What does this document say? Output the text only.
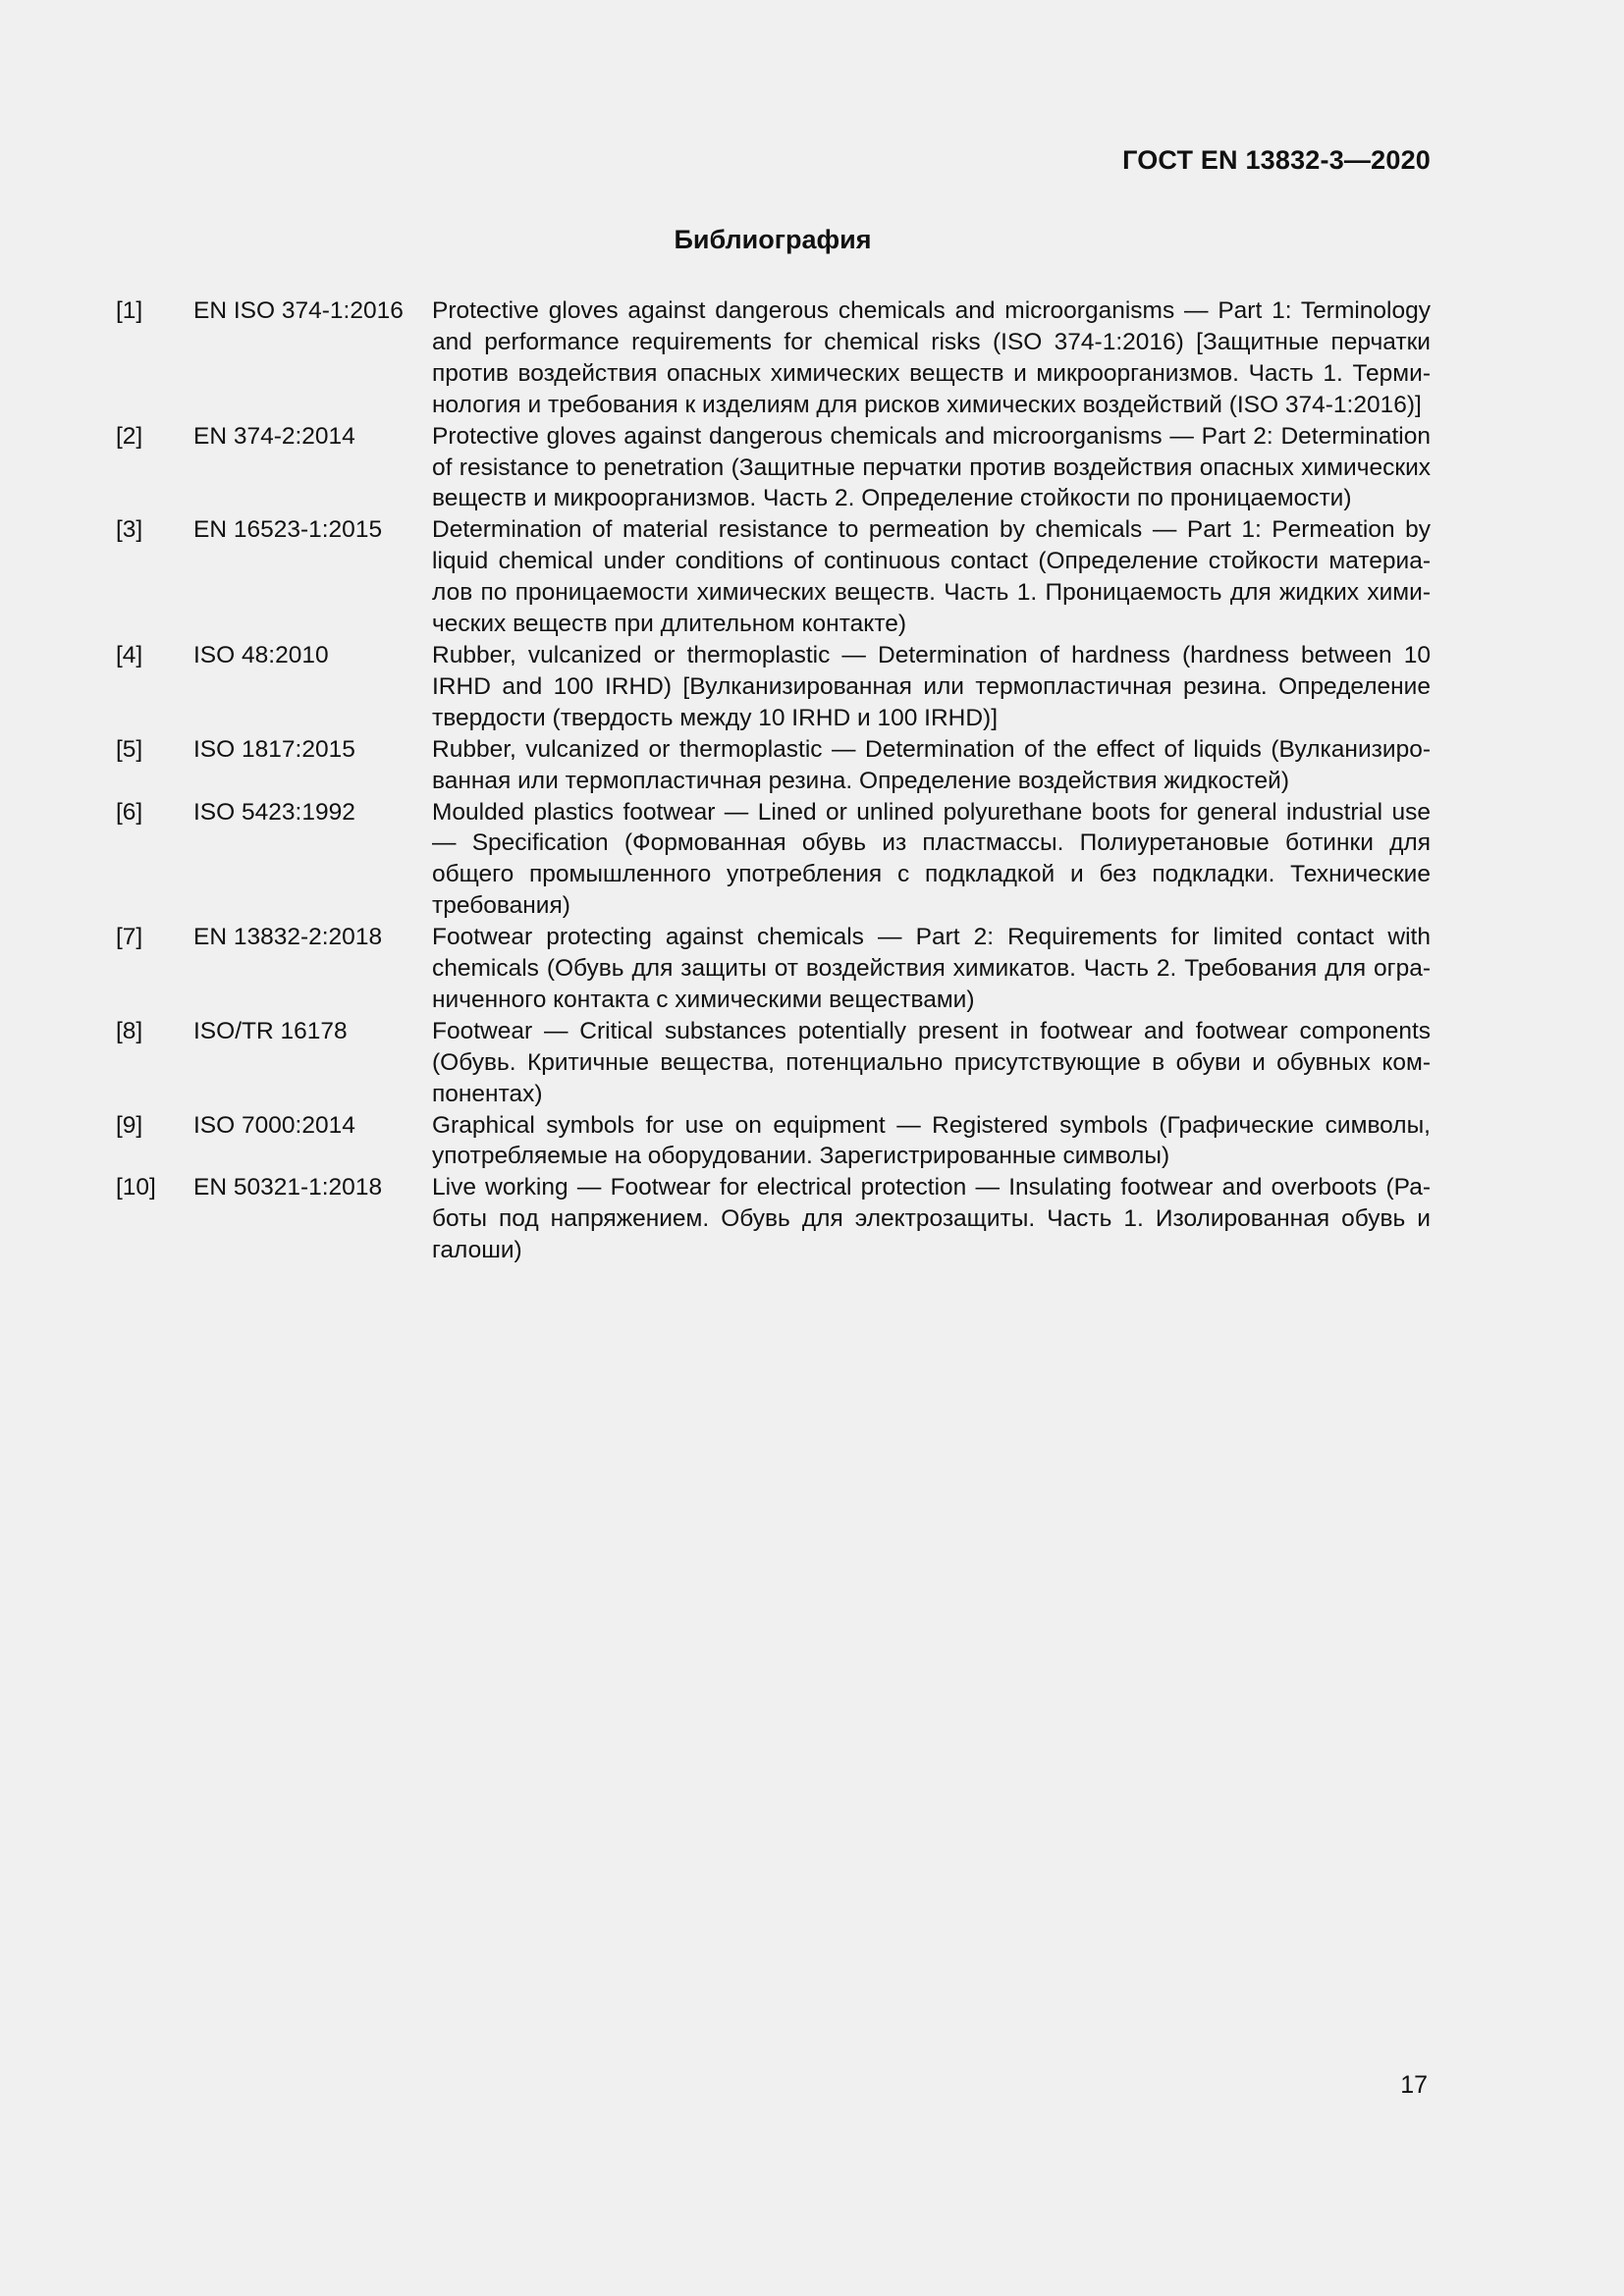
ГОСТ EN 13832-3—2020
Библиография
[1]	EN ISO 374-1:2016	Protective gloves against dangerous chemicals and microorganisms — Part 1: Terminology and performance requirements for chemical risks (ISO 374-1:2016) [Защитные перчатки против воздействия опасных химических веществ и микроорганизмов. Часть 1. Терминология и требования к изделиям для рисков химических воздействий (ISO 374-1:2016)]
[2]	EN 374-2:2014	Protective gloves against dangerous chemicals and microorganisms — Part 2: Determination of resistance to penetration (Защитные перчатки против воздействия опасных химических веществ и микроорганизмов. Часть 2. Определение стойкости по проницаемости)
[3]	EN 16523-1:2015	Determination of material resistance to permeation by chemicals — Part 1: Permeation by liquid chemical under conditions of continuous contact (Определение стойкости материалов по проницаемости химических веществ. Часть 1. Проницаемость для жидких химических веществ при длительном контакте)
[4]	ISO 48:2010	Rubber, vulcanized or thermoplastic — Determination of hardness (hardness between 10 IRHD and 100 IRHD) [Вулканизированная или термопластичная резина. Определение твердости (твердость между 10 IRHD и 100 IRHD)]
[5]	ISO 1817:2015	Rubber, vulcanized or thermoplastic — Determination of the effect of liquids (Вулканизированная или термопластичная резина. Определение воздействия жидкостей)
[6]	ISO 5423:1992	Moulded plastics footwear — Lined or unlined polyurethane boots for general industrial use — Specification (Формованная обувь из пластмассы. Полиуретановые ботинки для общего промышленного употребления с подкладкой и без подкладки. Технические требования)
[7]	EN 13832-2:2018	Footwear protecting against chemicals — Part 2: Requirements for limited contact with chemicals (Обувь для защиты от воздействия химикатов. Часть 2. Требования для ограниченного контакта с химическими веществами)
[8]	ISO/TR 16178	Footwear — Critical substances potentially present in footwear and footwear components (Обувь. Критичные вещества, потенциально присутствующие в обуви и обувных компонентах)
[9]	ISO 7000:2014	Graphical symbols for use on equipment — Registered symbols (Графические символы, употребляемые на оборудовании. Зарегистрированные символы)
[10]	EN 50321-1:2018	Live working — Footwear for electrical protection — Insulating footwear and overboots (Работы под напряжением. Обувь для электрозащиты. Часть 1. Изолированная обувь и галоши)
17
